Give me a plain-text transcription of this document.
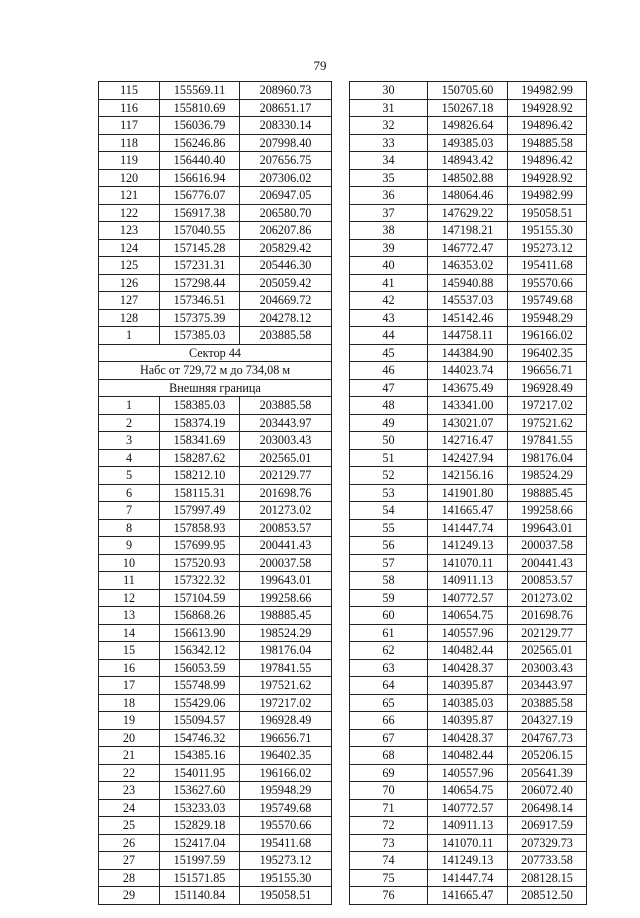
79
115	155569.11	208960.73
116	155810.69	208651.17
117	156036.79	208330.14
118	156246.86	207998.40
119	156440.40	207656.75
120	156616.94	207306.02
121	156776.07	206947.05
122	156917.38	206580.70
123	157040.55	206207.86
124	157145.28	205829.42
125	157231.31	205446.30
126	157298.44	205059.42
127	157346.51	204669.72
128	157375.39	204278.12
1	157385.03	203885.58
Сектор 44		
Набс от 729,72 м до 734,08 м		
Внешняя граница		
1	158385.03	203885.58
2	158374.19	203443.97
3	158341.69	203003.43
4	158287.62	202565.01
5	158212.10	202129.77
6	158115.31	201698.76
7	157997.49	201273.02
8	157858.93	200853.57
9	157699.95	200441.43
10	157520.93	200037.58
11	157322.32	199643.01
12	157104.59	199258.66
13	156868.26	198885.45
14	156613.90	198524.29
15	156342.12	198176.04
16	156053.59	197841.55
17	155748.99	197521.62
18	155429.06	197217.02
19	155094.57	196928.49
20	154746.32	196656.71
21	154385.16	196402.35
22	154011.95	196166.02
23	153627.60	195948.29
24	153233.03	195749.68
25	152829.18	195570.66
26	152417.04	195411.68
27	151997.59	195273.12
28	151571.85	195155.30
29	151140.84	195058.51
30	150705.60	194982.99
31	150267.18	194928.92
32	149826.64	194896.42
33	149385.03	194885.58
34	148943.42	194896.42
35	148502.88	194928.92
36	148064.46	194982.99
37	147629.22	195058.51
38	147198.21	195155.30
39	146772.47	195273.12
40	146353.02	195411.68
41	145940.88	195570.66
42	145537.03	195749.68
43	145142.46	195948.29
44	144758.11	196166.02
45	144384.90	196402.35
46	144023.74	196656.71
47	143675.49	196928.49
48	143341.00	197217.02
49	143021.07	197521.62
50	142716.47	197841.55
51	142427.94	198176.04
52	142156.16	198524.29
53	141901.80	198885.45
54	141665.47	199258.66
55	141447.74	199643.01
56	141249.13	200037.58
57	141070.11	200441.43
58	140911.13	200853.57
59	140772.57	201273.02
60	140654.75	201698.76
61	140557.96	202129.77
62	140482.44	202565.01
63	140428.37	203003.43
64	140395.87	203443.97
65	140385.03	203885.58
66	140395.87	204327.19
67	140428.37	204767.73
68	140482.44	205206.15
69	140557.96	205641.39
70	140654.75	206072.40
71	140772.57	206498.14
72	140911.13	206917.59
73	141070.11	207329.73
74	141249.13	207733.58
75	141447.74	208128.15
76	141665.47	208512.50
